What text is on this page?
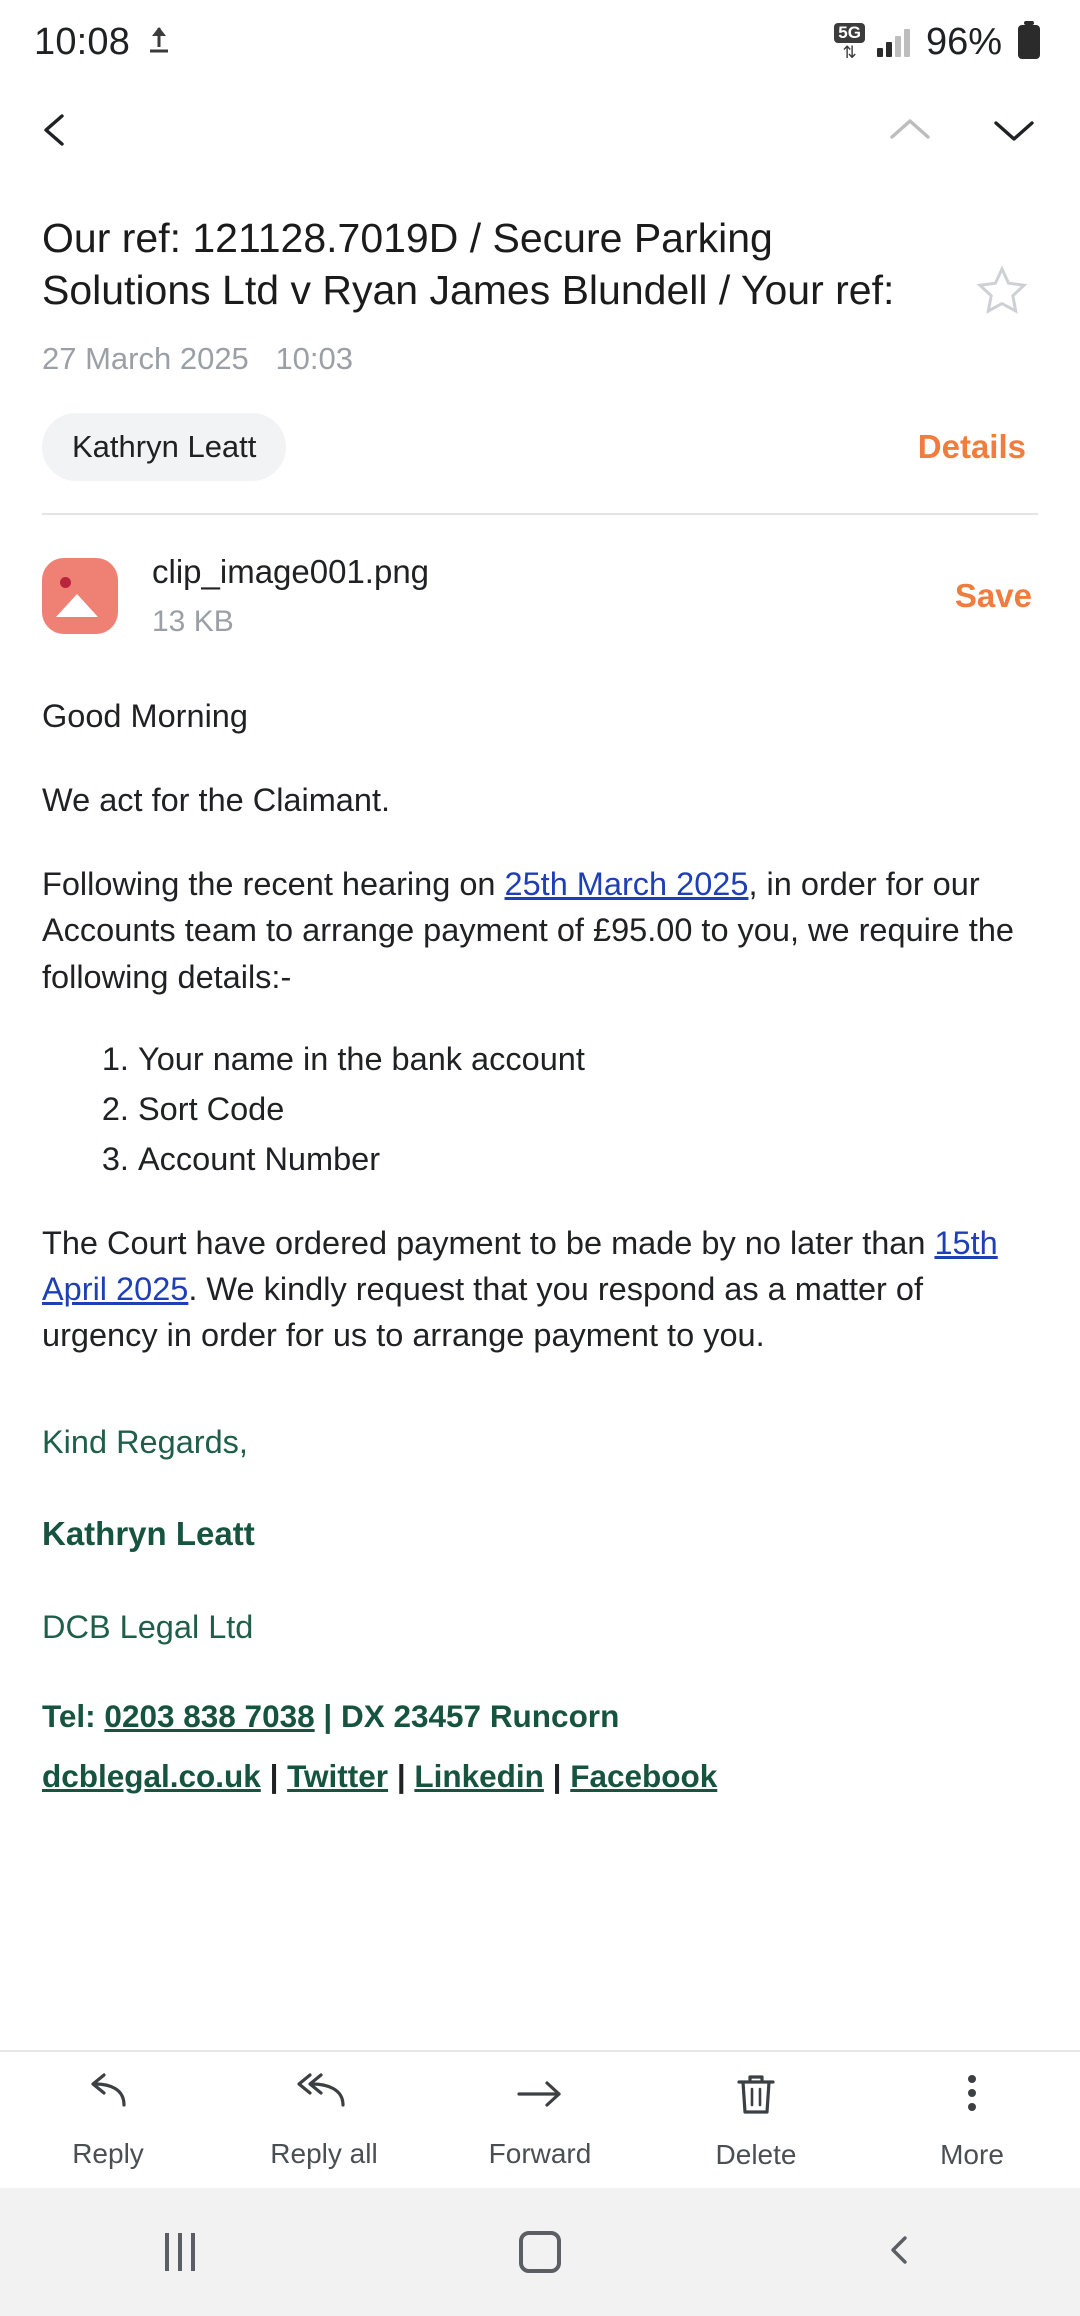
10:08	5G
⇅ 96%
Our ref: 121128.7019D / Secure Parking Solutions Ltd v Ryan James Blundell / Your ref:
27 March 2025 10:03
Kathryn Leatt	Details
clip_image001.png
13 KB
Save

Good Morning

We act for the Claimant.

Following the recent hearing on 25th March 2025, in order for our Accounts team to arrange payment of £95.00 to you, we require the following details:-

1. Your name in the bank account
2. Sort Code
3. Account Number

The Court have ordered payment to be made by no later than 15th April 2025. We kindly request that you respond as a matter of urgency in order for us to arrange payment to you.

Kind Regards,
Kathryn Leatt
DCB Legal Ltd
Tel: 0203 838 7038 | DX 23457 Runcorn
dcblegal.co.uk | Twitter | Linkedin | Facebook
Reply	Reply all	Forward	Delete	More
